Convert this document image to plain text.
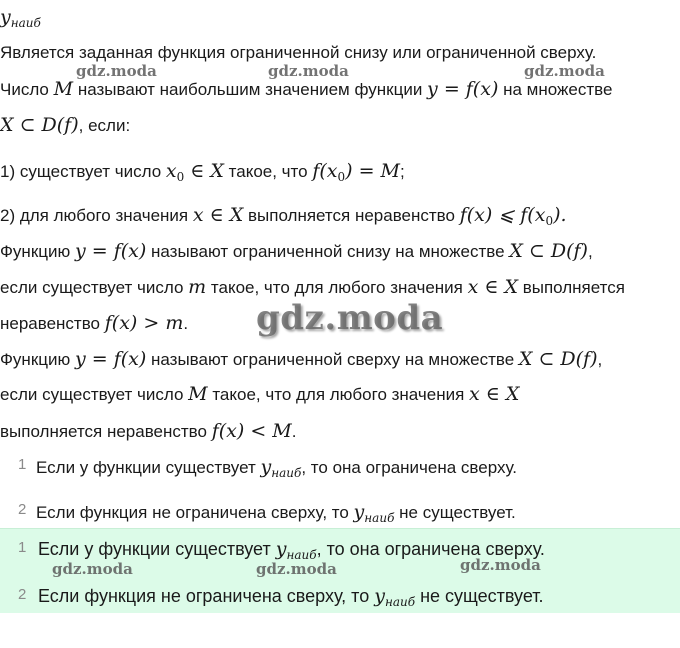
$y_{наиб}$
Является заданная функция ограниченной снизу или ограниченной сверху.
Число M называют наибольшим значением функции y = f(x) на множестве
X ⊂ D(f), если:
1) существует число $x_0$ ∈ X такое, что $f(x_0) = M$;
2) для любого значения x ∈ X выполняется неравенство f(x) ⩽ $f(x_0)$.
Функцию y = f(x) называют ограниченной снизу на множестве X ⊂ D(f),
если существует число m такое, что для любого значения x ∈ X выполняется
неравенство f(x) > m.
Функцию y = f(x) называют ограниченной сверху на множестве X ⊂ D(f),
если существует число M такое, что для любого значения x ∈ X
выполняется неравенство f(x) < M.
1 Если у функции существует $y_{наиб}$, то она ограничена сверху.
2 Если функция не ограничена сверху, то $y_{наиб}$ не существует.
1 Если у функции существует $y_{наиб}$, то она ограничена сверху.
2 Если функция не ограничена сверху, то $y_{наиб}$ не существует.
gdz.moda	gdz.moda	gdz.moda
gdz.moda
gdz.moda	gdz.moda	gdz.moda
